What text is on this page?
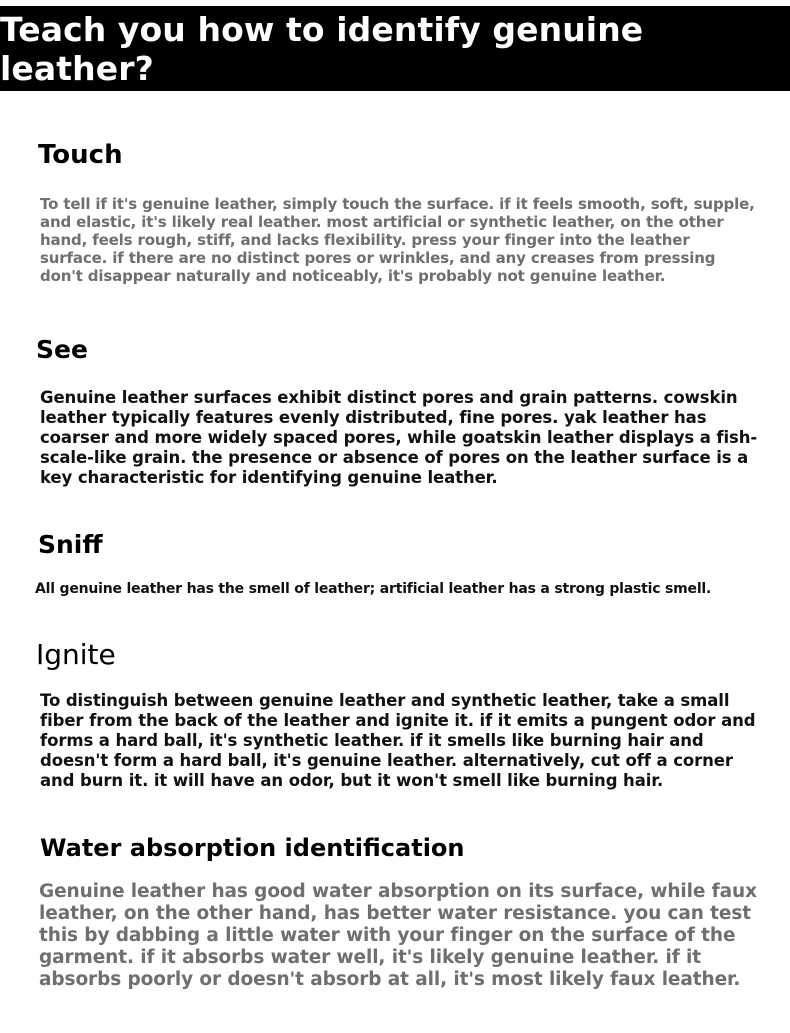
Teach you how to identify genuine leather?
Touch

To tell if it's genuine leather, simply touch the surface. if it feels smooth, soft, supple, and elastic, it's likely real leather. most artificial or synthetic leather, on the other hand, feels rough, stiff, and lacks flexibility. press your finger into the leather surface. if there are no distinct pores or wrinkles, and any creases from pressing don't disappear naturally and noticeably, it's probably not genuine leather.

See

Genuine leather surfaces exhibit distinct pores and grain patterns. cowskin leather typically features evenly distributed, fine pores. yak leather has coarser and more widely spaced pores, while goatskin leather displays a fish-scale-like grain. the presence or absence of pores on the leather surface is a key characteristic for identifying genuine leather.

Sniff

All genuine leather has the smell of leather; artificial leather has a strong plastic smell.

Ignite

To distinguish between genuine leather and synthetic leather, take a small fiber from the back of the leather and ignite it. if it emits a pungent odor and forms a hard ball, it's synthetic leather. if it smells like burning hair and doesn't form a hard ball, it's genuine leather. alternatively, cut off a corner and burn it. it will have an odor, but it won't smell like burning hair.

Water absorption identification

Genuine leather has good water absorption on its surface, while faux leather, on the other hand, has better water resistance. you can test this by dabbing a little water with your finger on the surface of the garment. if it absorbs water well, it's likely genuine leather. if it absorbs poorly or doesn't absorb at all, it's most likely faux leather.
